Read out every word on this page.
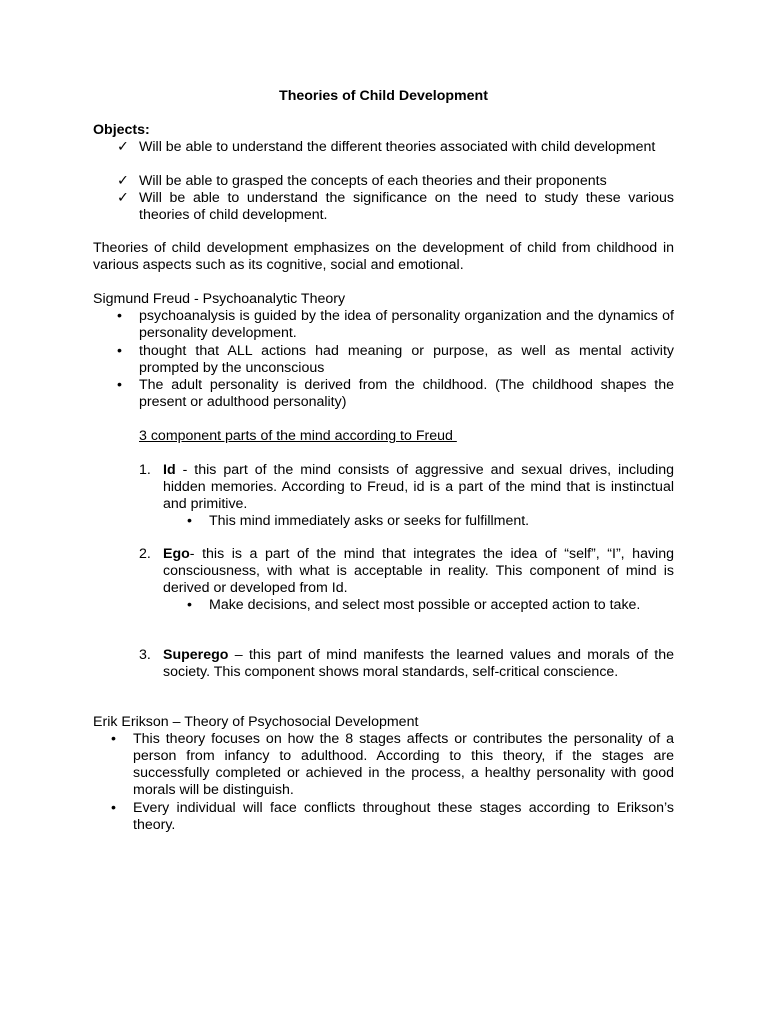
Theories of Child Development
Objects:
✓ Will be able to understand the different theories associated with child development
✓ Will be able to grasped the concepts of each theories and their proponents
✓ Will be able to understand the significance on the need to study these various theories of child development.
Theories of child development emphasizes on the development of child from childhood in various aspects such as its cognitive, social and emotional.
Sigmund Freud - Psychoanalytic Theory
• psychoanalysis is guided by the idea of personality organization and the dynamics of personality development.
• thought that ALL actions had meaning or purpose, as well as mental activity prompted by the unconscious
• The adult personality is derived from the childhood. (The childhood shapes the present or adulthood personality)
3 component parts of the mind according to Freud
1. Id - this part of the mind consists of aggressive and sexual drives, including hidden memories. According to Freud, id is a part of the mind that is instinctual and primitive.
• This mind immediately asks or seeks for fulfillment.
2. Ego- this is a part of the mind that integrates the idea of “self”, “I”, having consciousness, with what is acceptable in reality. This component of mind is derived or developed from Id.
• Make decisions, and select most possible or accepted action to take.
3. Superego – this part of mind manifests the learned values and morals of the society. This component shows moral standards, self-critical conscience.
Erik Erikson – Theory of Psychosocial Development
• This theory focuses on how the 8 stages affects or contributes the personality of a person from infancy to adulthood. According to this theory, if the stages are successfully completed or achieved in the process, a healthy personality with good morals will be distinguish.
• Every individual will face conflicts throughout these stages according to Erikson’s theory.
